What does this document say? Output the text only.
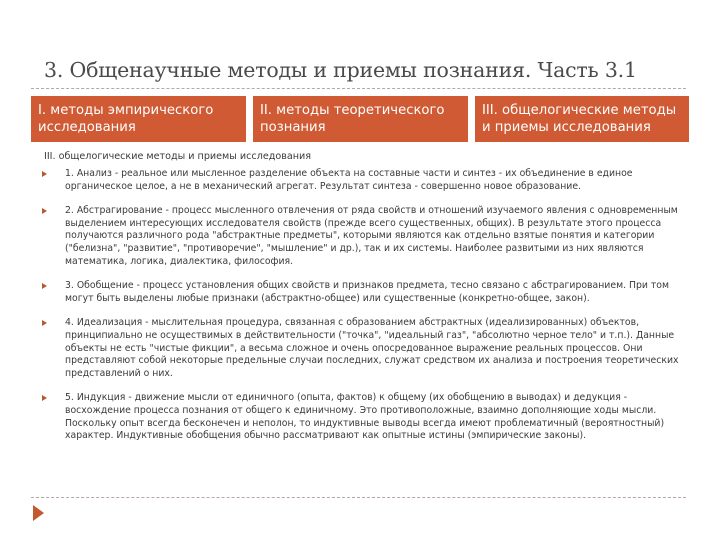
3. Общенаучные методы и приемы познания. Часть 3.1
I. методы эмпирического исследования
II. методы теоретического познания
III. общелогические методы и приемы исследования
III. общелогические методы и приемы исследования
1. Анализ - реальное или мысленное разделение объекта на составные части и синтез - их объединение в единое органическое целое, а не в механический агрегат. Результат синтеза - совершенно новое образование.
2. Абстрагирование - процесс мысленного отвлечения от ряда свойств и отношений изучаемого явления с одновременным выделением интересующих исследователя свойств (прежде всего существенных, общих). В результате этого процесса получаются различного рода "абстрактные предметы", которыми являются как отдельно взятые понятия и категории ("белизна", "развитие", "противоречие", "мышление" и др.), так и их системы. Наиболее развитыми из них являются математика, логика, диалектика, философия.
3. Обобщение - процесс установления общих свойств и признаков предмета, тесно связано с абстрагированием. При том могут быть выделены любые признаки (абстрактно-общее) или существенные (конкретно-общее, закон).
4. Идеализация - мыслительная процедура, связанная с образованием абстрактных (идеализированных) объектов, принципиально не осуществимых в действительности ("точка", "идеальный газ", "абсолютно черное тело" и т.п.). Данные объекты не есть "чистые фикции", а весьма сложное и очень опосредованное выражение реальных процессов. Они представляют собой некоторые предельные случаи последних, служат средством их анализа и построения теоретических представлений о них.
5. Индукция - движение мысли от единичного (опыта, фактов) к общему (их обобщению в выводах) и дедукция - восхождение процесса познания от общего к единичному. Это противоположные, взаимно дополняющие ходы мысли. Поскольку опыт всегда бесконечен и неполон, то индуктивные выводы всегда имеют проблематичный (вероятностный) характер. Индуктивные обобщения обычно рассматривают как опытные истины (эмпирические законы).
